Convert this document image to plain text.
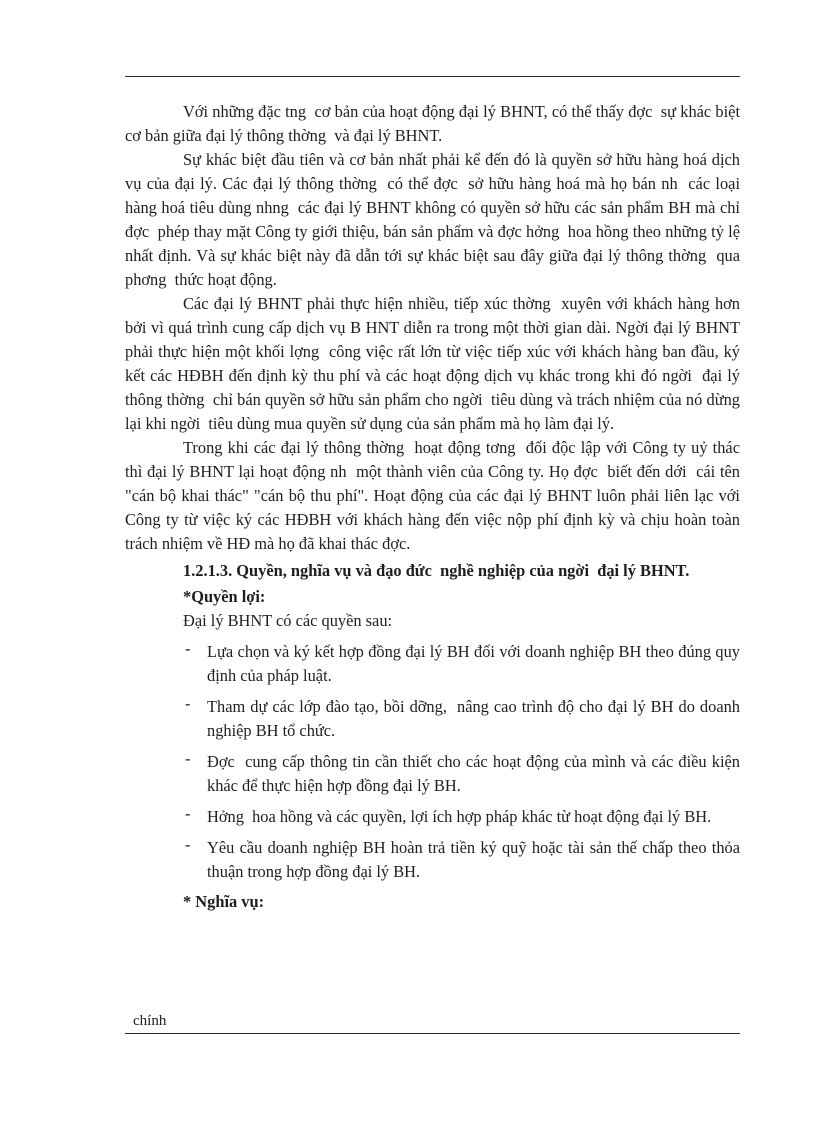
Với những đặc tng  cơ bản của hoạt động đại lý BHNT, có thể thấy đợc  sự khác biệt cơ bản giữa đại lý thông thờng  và đại lý BHNT.

Sự khác biệt đầu tiên và cơ bản nhất phải kể đến đó là quyền sở hữu hàng hoá dịch vụ của đại lý. Các đại lý thông thờng  có thể đợc  sở hữu hàng hoá mà họ bán nh  các loại hàng hoá tiêu dùng nhng  các đại lý BHNT không có quyền sở hữu các sản phẩm BH mà chỉ đợc  phép thay mặt Công ty giới thiệu, bán sản phẩm và đợc hởng  hoa hồng theo những tỷ lệ nhất định. Và sự khác biệt này đã dẫn tới sự khác biệt sau đây giữa đại lý thông thờng  qua phơng  thức hoạt động.

Các đại lý BHNT phải thực hiện nhiều, tiếp xúc thờng  xuyên với khách hàng hơn bởi vì quá trình cung cấp dịch vụ B HNT diễn ra trong một thời gian dài. Ngời đại lý BHNT phải thực hiện một khối lợng  công việc rất lớn từ việc tiếp xúc với khách hàng ban đầu, ký kết các HĐBH đến định kỳ thu phí và các hoạt động dịch vụ khác trong khi đó ngời  đại lý thông thờng  chỉ bán quyền sở hữu sản phẩm cho ngời  tiêu dùng và trách nhiệm của nó dừng lại khi ngời  tiêu dùng mua quyền sử dụng của sản phẩm mà họ làm đại lý.

Trong khi các đại lý thông thờng  hoạt động tơng  đối độc lập với Công ty uỷ thác thì đại lý BHNT lại hoạt động nh  một thành viên của Công ty. Họ đợc  biết đến dới  cái tên "cán bộ khai thác" "cán bộ thu phí". Hoạt động của các đại lý BHNT luôn phải liên lạc với Công ty từ việc ký các HĐBH với khách hàng đến việc nộp phí định kỳ và chịu hoàn toàn trách nhiệm về HĐ mà họ đã khai thác đợc.

1.2.1.3. Quyền, nghĩa vụ và đạo đức  nghề nghiệp của ngời  đại lý BHNT.

*Quyền lợi:

Đại lý BHNT có các quyền sau:

- Lựa chọn và ký kết hợp đồng đại lý BH đối với doanh nghiệp BH theo đúng quy định của pháp luật.
- Tham dự các lớp đào tạo, bồi dỡng,  nâng cao trình độ cho đại lý BH do doanh nghiệp BH tổ chức.
- Đợc  cung cấp thông tin cần thiết cho các hoạt động của mình và các điều kiện khác để thực hiện hợp đồng đại lý BH.
- Hởng  hoa hồng và các quyền, lợi ích hợp pháp khác từ hoạt động đại lý BH.
- Yêu cầu doanh nghiệp BH hoàn trả tiền ký quỹ hoặc tài sản thế chấp theo thỏa thuận trong hợp đồng đại lý BH.

* Nghĩa vụ:

chính
